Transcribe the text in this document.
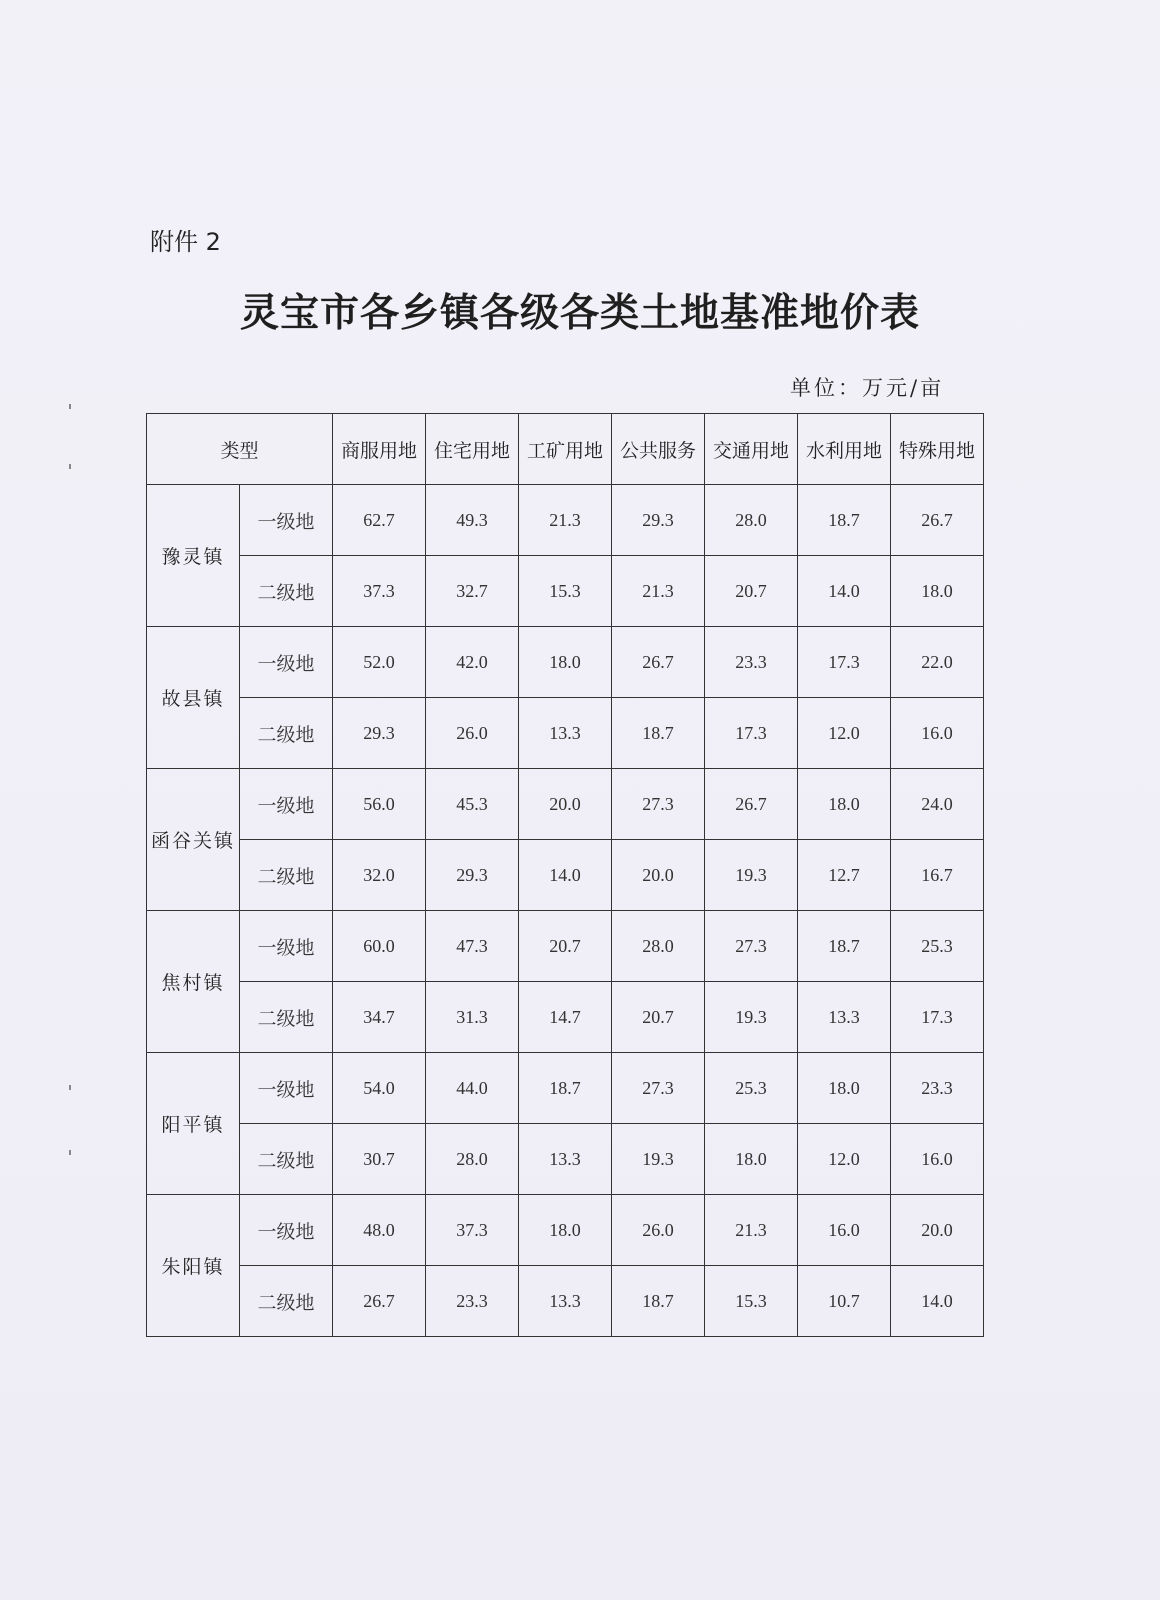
附件 2
灵宝市各乡镇各级各类土地基准地价表
单位：万元/亩
类型		商服用地	住宅用地	工矿用地	公共服务	交通用地	水利用地	特殊用地
豫灵镇	一级地	62.7	49.3	21.3	29.3	28.0	18.7	26.7
	二级地	37.3	32.7	15.3	21.3	20.7	14.0	18.0
故县镇	一级地	52.0	42.0	18.0	26.7	23.3	17.3	22.0
	二级地	29.3	26.0	13.3	18.7	17.3	12.0	16.0
函谷关镇	一级地	56.0	45.3	20.0	27.3	26.7	18.0	24.0
	二级地	32.0	29.3	14.0	20.0	19.3	12.7	16.7
焦村镇	一级地	60.0	47.3	20.7	28.0	27.3	18.7	25.3
	二级地	34.7	31.3	14.7	20.7	19.3	13.3	17.3
阳平镇	一级地	54.0	44.0	18.7	27.3	25.3	18.0	23.3
	二级地	30.7	28.0	13.3	19.3	18.0	12.0	16.0
朱阳镇	一级地	48.0	37.3	18.0	26.0	21.3	16.0	20.0
	二级地	26.7	23.3	13.3	18.7	15.3	10.7	14.0
